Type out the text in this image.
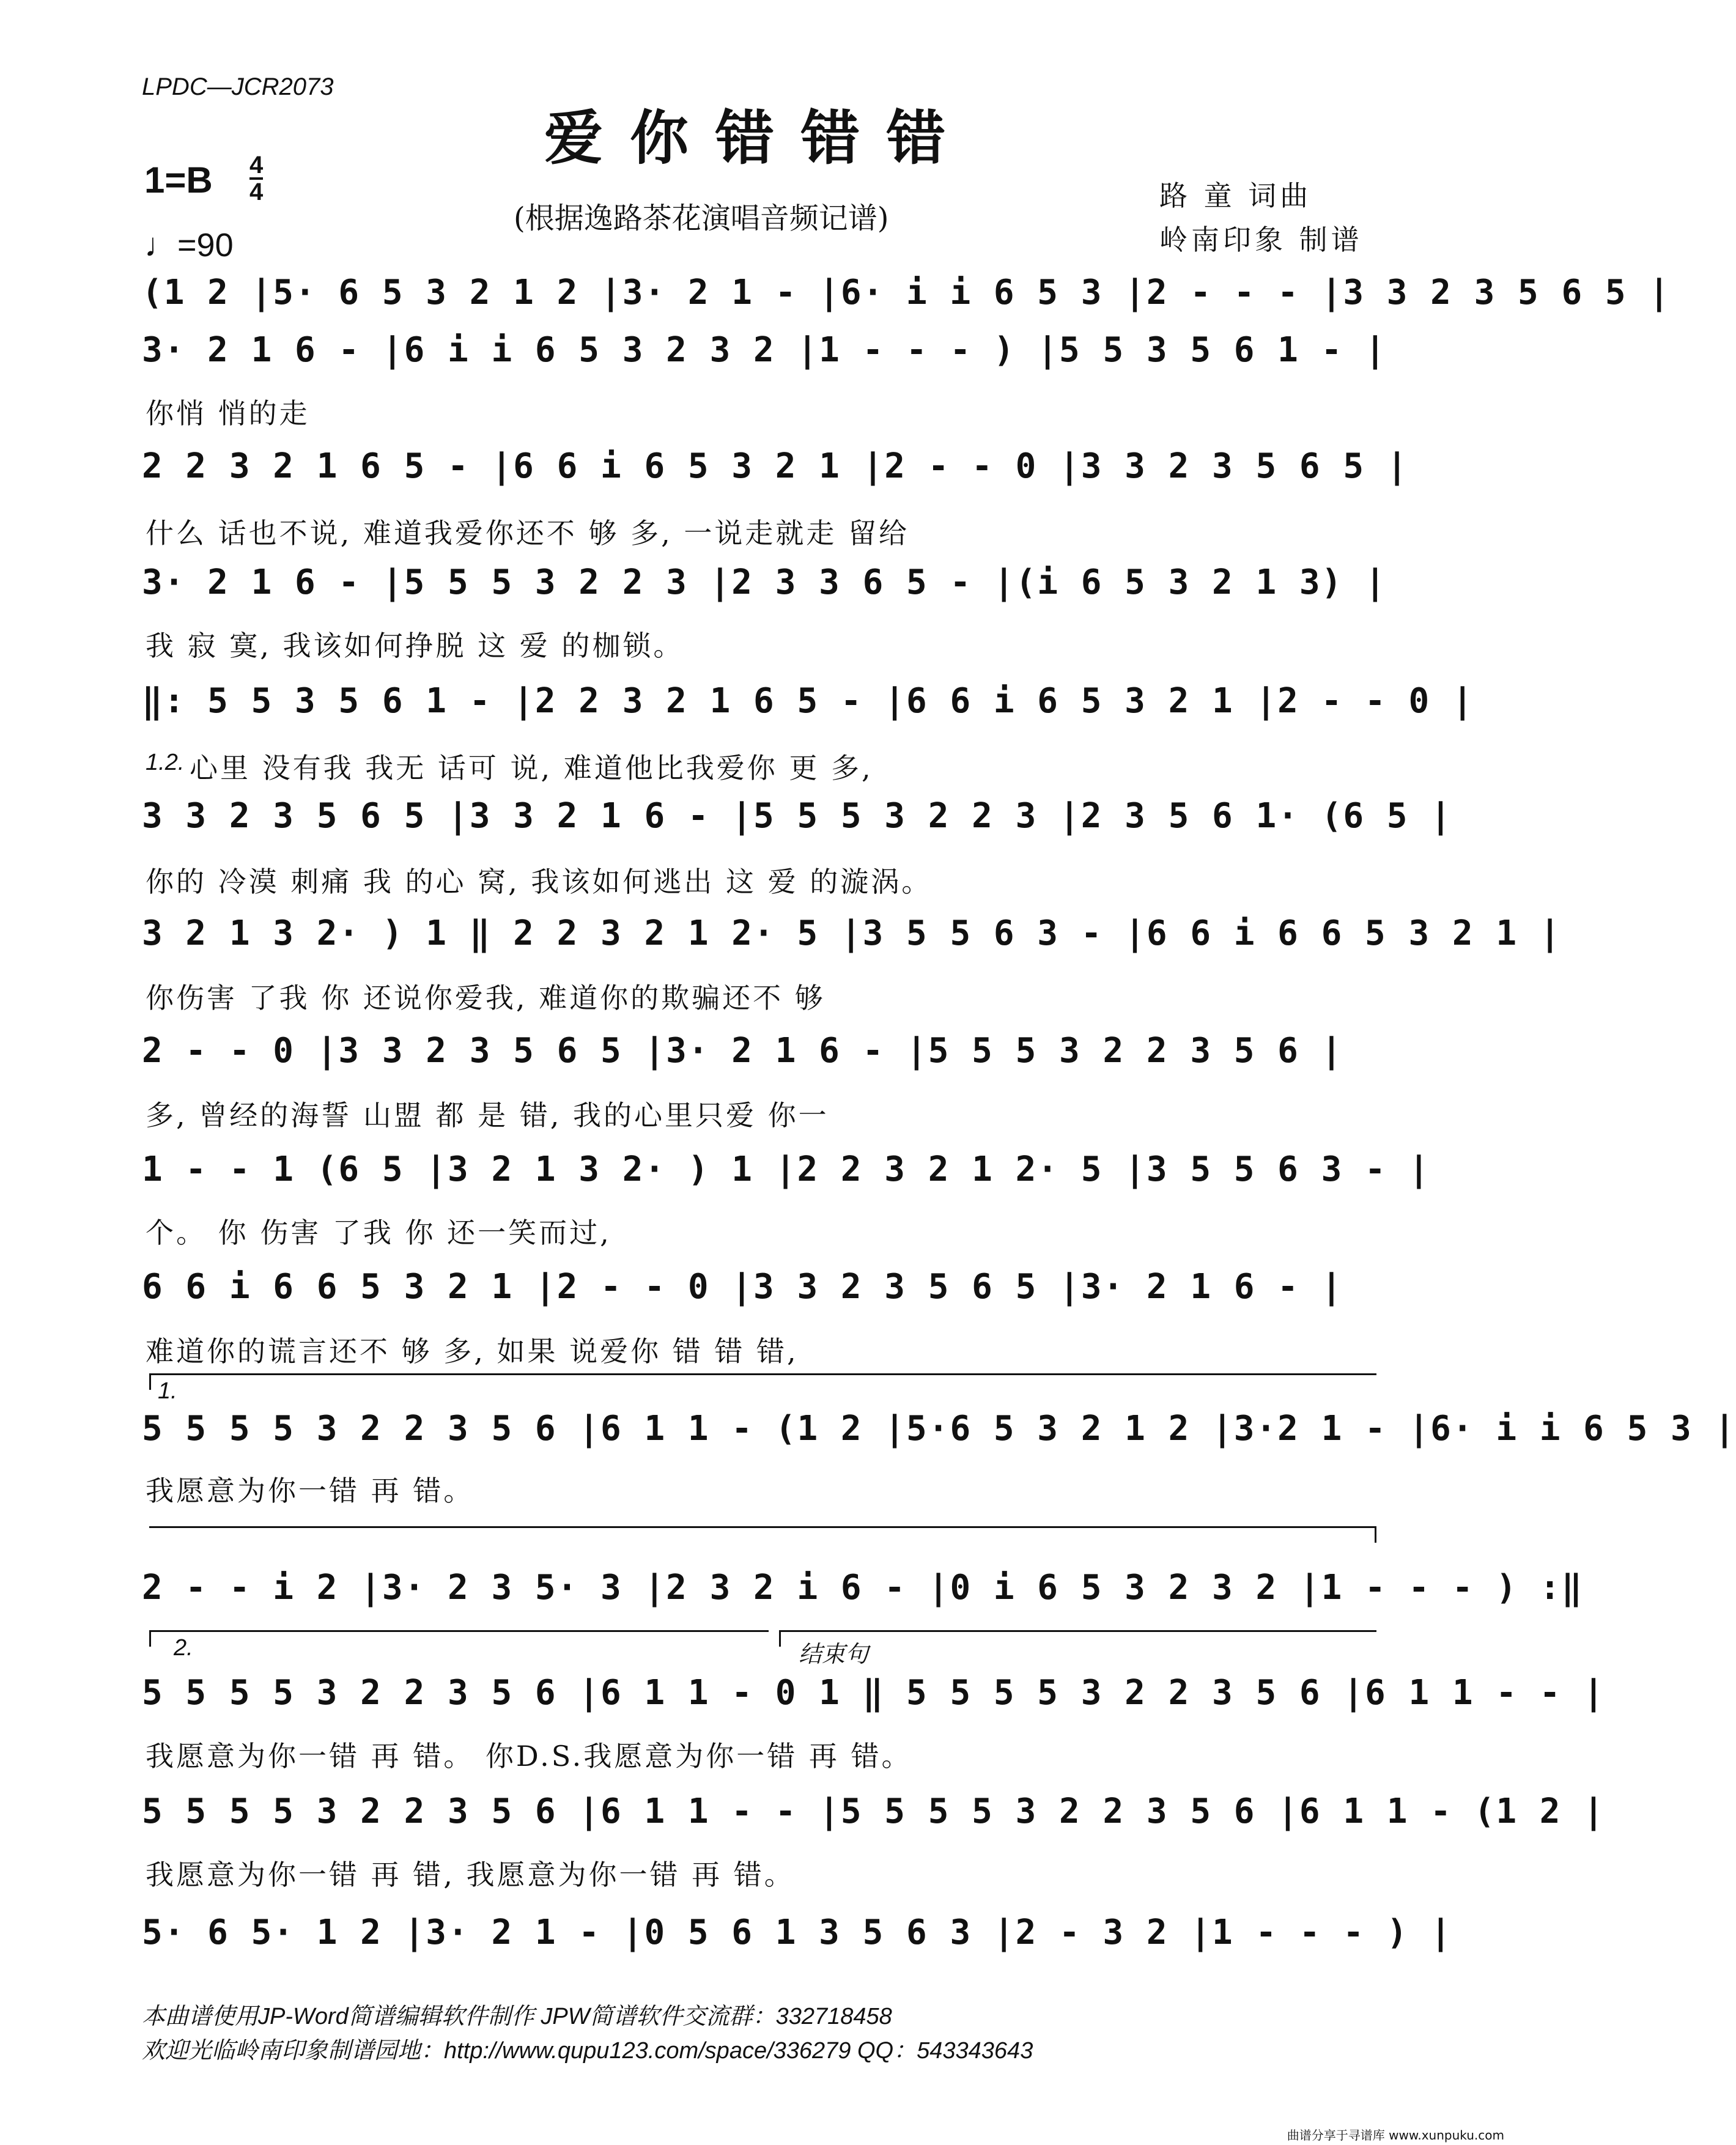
LPDC—JCR2073
爱你错错错
1=B 4
4
♩=90
(根据逸路茶花演唱音频记谱)
路 童 词曲
岭南印象 制谱
(1 2 |5· 6 5 3 2 1 2 |3· 2 1 - |6· i i 6 5 3 |2 - - - |3 3 2 3 5 6 5 |
3· 2 1 6 - |6 i i 6 5 3 2 3 2 |1 - - - ) |5 5 3 5 6 1 - |
你悄 悄的走
2 2 3 2 1 6 5 - |6 6 i 6 5 3 2 1 |2 - - 0 |3 3 2 3 5 6 5 |
什么 话也不说, 难道我爱你还不 够 多, 一说走就走 留给
3· 2 1 6 - |5 5 5 3 2 2 3 |2 3 3 6 5 - |(i 6 5 3 2 1 3) |
我 寂 寞, 我该如何挣脱 这 爱 的枷锁。
‖: 5 5 3 5 6 1 - |2 2 3 2 1 6 5 - |6 6 i 6 5 3 2 1 |2 - - 0 |
1.2. 心里 没有我 我无 话可 说, 难道他比我爱你 更 多,
3 3 2 3 5 6 5 |3 3 2 1 6 - |5 5 5 3 2 2 3 |2 3 5 6 1· (6 5 |
你的 冷漠 刺痛 我 的心 窝, 我该如何逃出 这 爱 的漩涡。
3 2 1 3 2· ) 1 ‖ 2 2 3 2 1 2· 5 |3 5 5 6 3 - |6 6 i 6 6 5 3 2 1 |
你伤害 了我 你 还说你爱我, 难道你的欺骗还不 够
2 - - 0 |3 3 2 3 5 6 5 |3· 2 1 6 - |5 5 5 3 2 2 3 5 6 |
多, 曾经的海誓 山盟 都 是 错, 我的心里只爱 你一
1 - - 1 (6 5 |3 2 1 3 2· ) 1 |2 2 3 2 1 2· 5 |3 5 5 6 3 - |
个。 你 伤害 了我 你 还一笑而过,
6 6 i 6 6 5 3 2 1 |2 - - 0 |3 3 2 3 5 6 5 |3· 2 1 6 - |
难道你的谎言还不 够 多, 如果 说爱你 错 错 错,
1.
5 5 5 5 3 2 2 3 5 6 |6 1 1 - (1 2 |5·6 5 3 2 1 2 |3·2 1 - |6· i i 6 5 3 |
我愿意为你一错 再 错。
2 - - i 2 |3· 2 3 5· 3 |2 3 2 i 6 - |0 i 6 5 3 2 3 2 |1 - - - ) :‖
2.	结束句
5 5 5 5 3 2 2 3 5 6 |6 1 1 - 0 1 ‖ 5 5 5 5 3 2 2 3 5 6 |6 1 1 - - |
我愿意为你一错 再 错。 你D.S.我愿意为你一错 再 错。
5 5 5 5 3 2 2 3 5 6 |6 1 1 - - |5 5 5 5 3 2 2 3 5 6 |6 1 1 - (1 2 |
我愿意为你一错 再 错, 我愿意为你一错 再 错。
5· 6 5· 1 2 |3· 2 1 - |0 5 6 1 3 5 6 3 |2 - 3 2 |1 - - - ) |
本曲谱使用JP-Word简谱编辑软件制作 JPW简谱软件交流群：332718458
欢迎光临岭南印象制谱园地：http://www.qupu123.com/space/336279 QQ：543343643
曲谱分享于寻谱库 www.xunpuku.com
